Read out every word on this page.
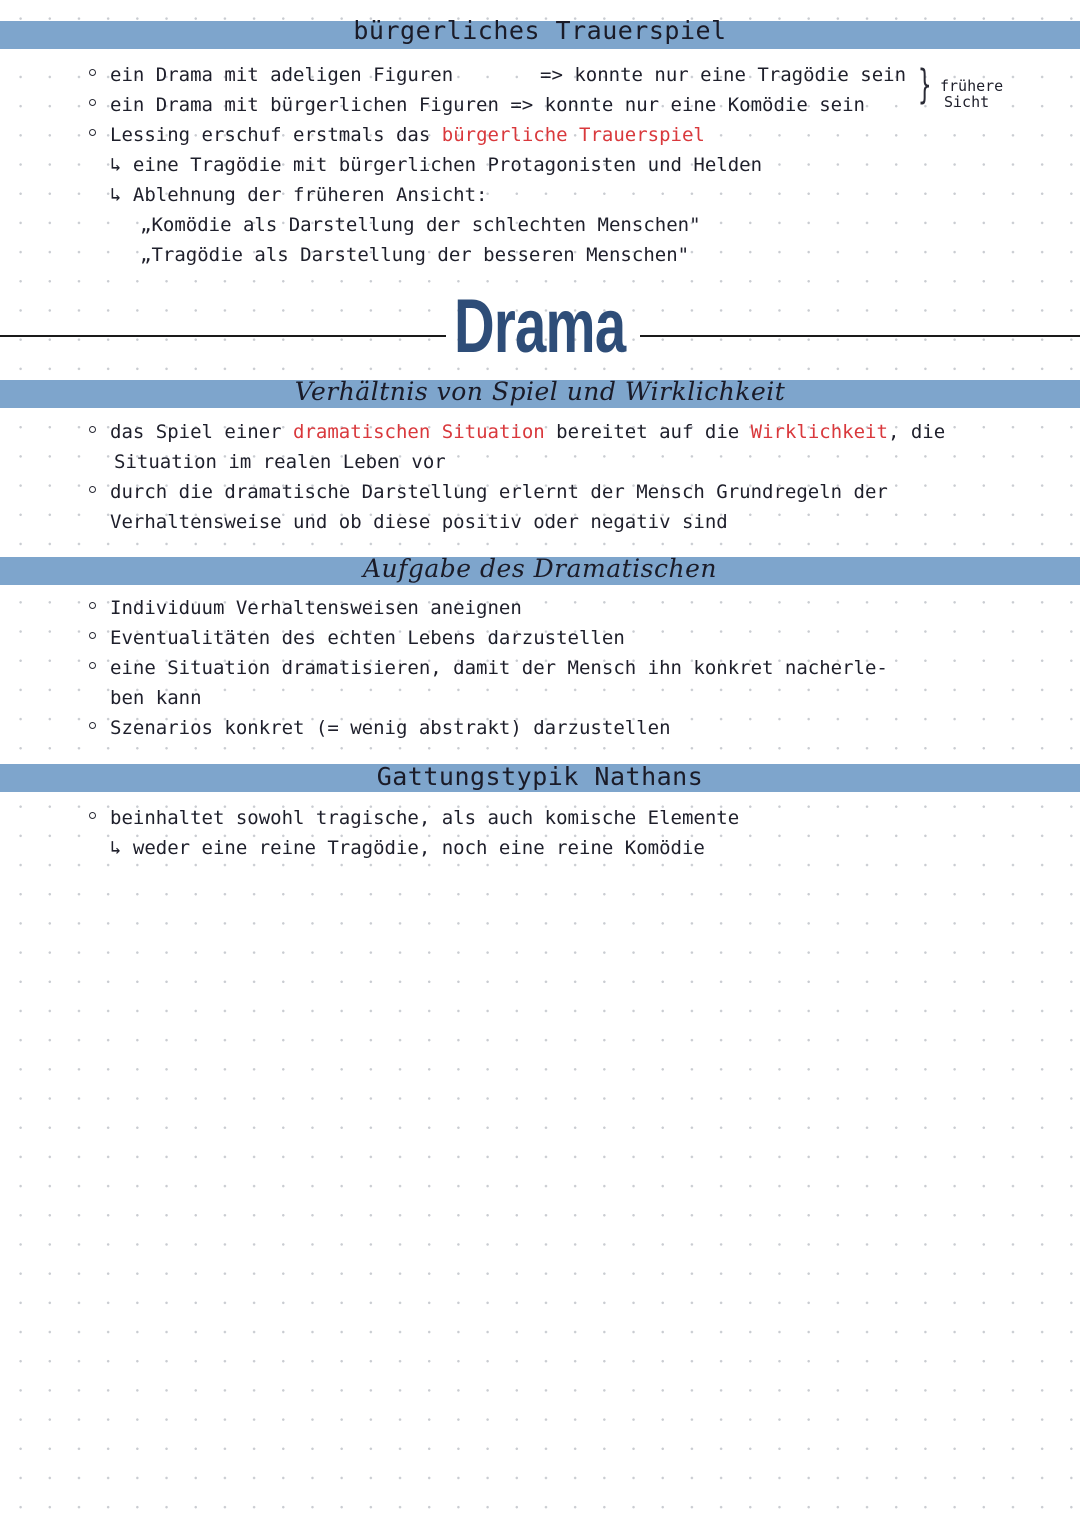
bürgerliches Trauerspiel
ein Drama mit adeligen Figuren	=> konnte nur eine Tragödie sein
ein Drama mit bürgerlichen Figuren => konnte nur eine Komödie sein } frühere
Sicht
Lessing erschuf erstmals das bürgerliche Trauerspiel
↳ eine Tragödie mit bürgerlichen Protagonisten und Helden
↳ Ablehnung der früheren Ansicht:
„Komödie als Darstellung der schlechten Menschen"
„Tragödie als Darstellung der besseren Menschen"
Drama
Verhältnis von Spiel und Wirklichkeit
das Spiel einer dramatischen Situation bereitet auf die Wirklichkeit, die
Situation im realen Leben vor
durch die dramatische Darstellung erlernt der Mensch Grundregeln der
Verhaltensweise und ob diese positiv oder negativ sind
Aufgabe des Dramatischen
Individuum Verhaltensweisen aneignen
Eventualitäten des echten Lebens darzustellen
eine Situation dramatisieren, damit der Mensch ihn konkret nacherle-
ben kann
Szenarios konkret (= wenig abstrakt) darzustellen
Gattungstypik Nathans
beinhaltet sowohl tragische, als auch komische Elemente
↳ weder eine reine Tragödie, noch eine reine Komödie
